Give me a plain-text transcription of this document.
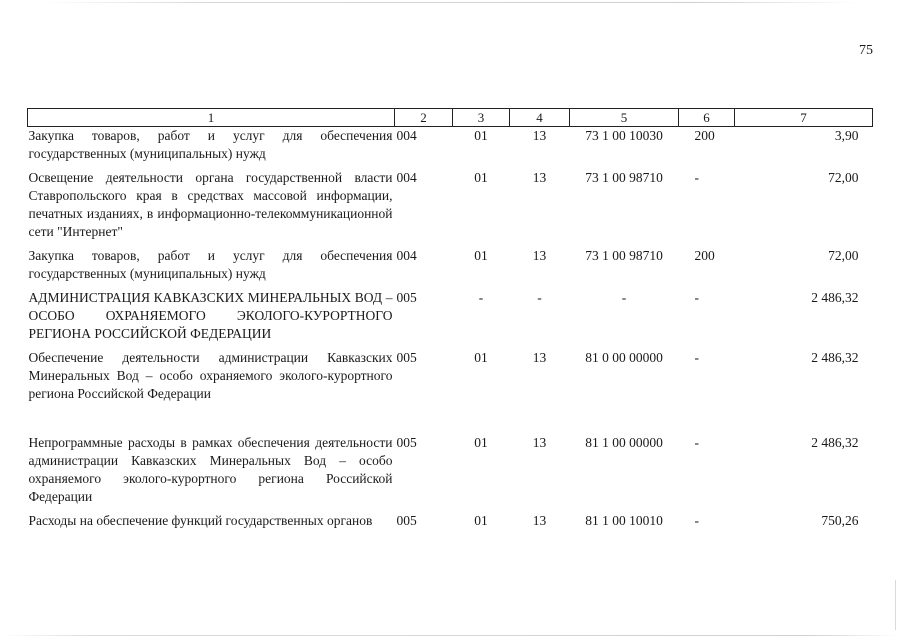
75
1	2	3	4	5	6	7

Закупка товаров, работ и услуг для обеспечения государственных (муниципальных) нужд	004	01	13	73 1 00 10030	200	3,90

Освещение деятельности органа государственной власти Ставропольского края в средствах массовой информации, печатных изданиях, в информационно-телекоммуникационной сети "Интернет"	004	01	13	73 1 00 98710	-	72,00

Закупка товаров, работ и услуг для обеспечения государственных (муниципальных) нужд	004	01	13	73 1 00 98710	200	72,00

АДМИНИСТРАЦИЯ КАВКАЗСКИХ МИНЕРАЛЬНЫХ ВОД – ОСОБО ОХРАНЯЕМОГО ЭКОЛОГО-КУРОРТНОГО РЕГИОНА РОССИЙСКОЙ ФЕДЕРАЦИИ	005	-	-	-	-	2 486,32

Обеспечение деятельности администрации Кавказских Минеральных Вод – особо охраняемого эколого-курортного региона Российской Федерации	005	01	13	81 0 00 00000	-	2 486,32

Непрограммные расходы в рамках обеспечения деятельности администрации Кавказских Минеральных Вод – особо охраняемого эколого-курортного региона Российской Федерации	005	01	13	81 1 00 00000	-	2 486,32

Расходы на обеспечение функций государственных органов	005	01	13	81 1 00 10010	-	750,26
